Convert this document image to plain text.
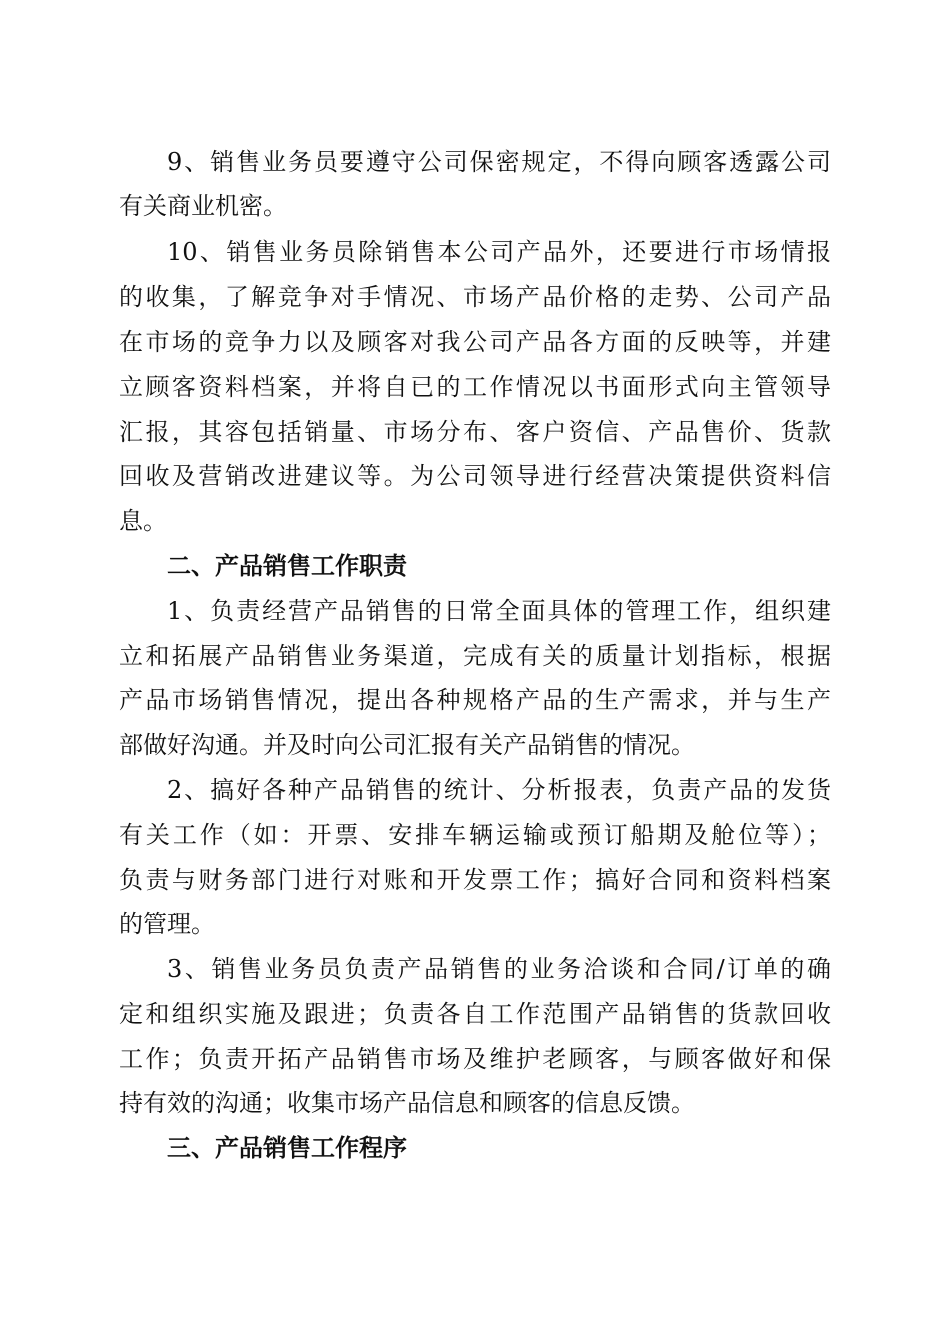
9、销售业务员要遵守公司保密规定，不得向顾客透露公司
有关商业机密。
10、销售业务员除销售本公司产品外，还要进行市场情报
的收集，了解竞争对手情况、市场产品价格的走势、公司产品
在市场的竞争力以及顾客对我公司产品各方面的反映等，并建
立顾客资料档案，并将自已的工作情况以书面形式向主管领导
汇报，其容包括销量、市场分布、客户资信、产品售价、货款
回收及营销改进建议等。为公司领导进行经营决策提供资料信
息。
二、产品销售工作职责
1、负责经营产品销售的日常全面具体的管理工作，组织建
立和拓展产品销售业务渠道，完成有关的质量计划指标，根据
产品市场销售情况，提出各种规格产品的生产需求，并与生产
部做好沟通。并及时向公司汇报有关产品销售的情况。
2、搞好各种产品销售的统计、分析报表，负责产品的发货
有关工作（如：开票、安排车辆运输或预订船期及舱位等）；
负责与财务部门进行对账和开发票工作；搞好合同和资料档案
的管理。
3、销售业务员负责产品销售的业务洽谈和合同/订单的确
定和组织实施及跟进；负责各自工作范围产品销售的货款回收
工作；负责开拓产品销售市场及维护老顾客，与顾客做好和保
持有效的沟通；收集市场产品信息和顾客的信息反馈。
三、产品销售工作程序
